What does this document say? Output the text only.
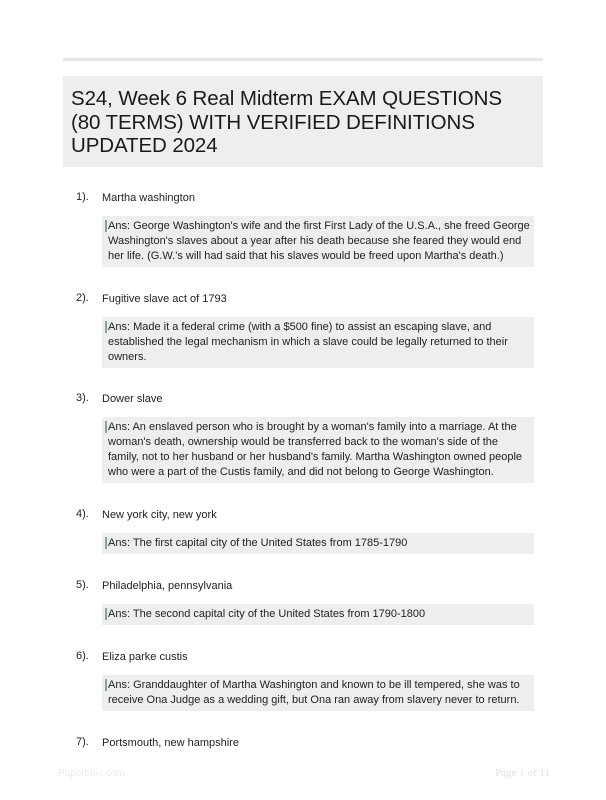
S24, Week 6 Real Midterm EXAM QUESTIONS (80 TERMS) WITH VERIFIED DEFINITIONS UPDATED 2024
1). Martha washington
Ans: George Washington's wife and the first First Lady of the U.S.A., she freed George Washington's slaves about a year after his death because she feared they would end her life. (G.W.'s will had said that his slaves would be freed upon Martha's death.)
2). Fugitive slave act of 1793
Ans: Made it a federal crime (with a $500 fine) to assist an escaping slave, and established the legal mechanism in which a slave could be legally returned to their owners.
3). Dower slave
Ans: An enslaved person who is brought by a woman's family into a marriage. At the woman's death, ownership would be transferred back to the woman's side of the family, not to her husband or her husband's family. Martha Washington owned people who were a part of the Custis family, and did not belong to George Washington.
4). New york city, new york
Ans: The first capital city of the United States from 1785-1790
5). Philadelphia, pennsylvania
Ans: The second capital city of the United States from 1790-1800
6). Eliza parke custis
Ans: Granddaughter of Martha Washington and known to be ill tempered, she was to receive Ona Judge as a wedding gift, but Ona ran away from slavery never to return.
7). Portsmouth, new hampshire
Paperbbic.com	Page 1 of 11
